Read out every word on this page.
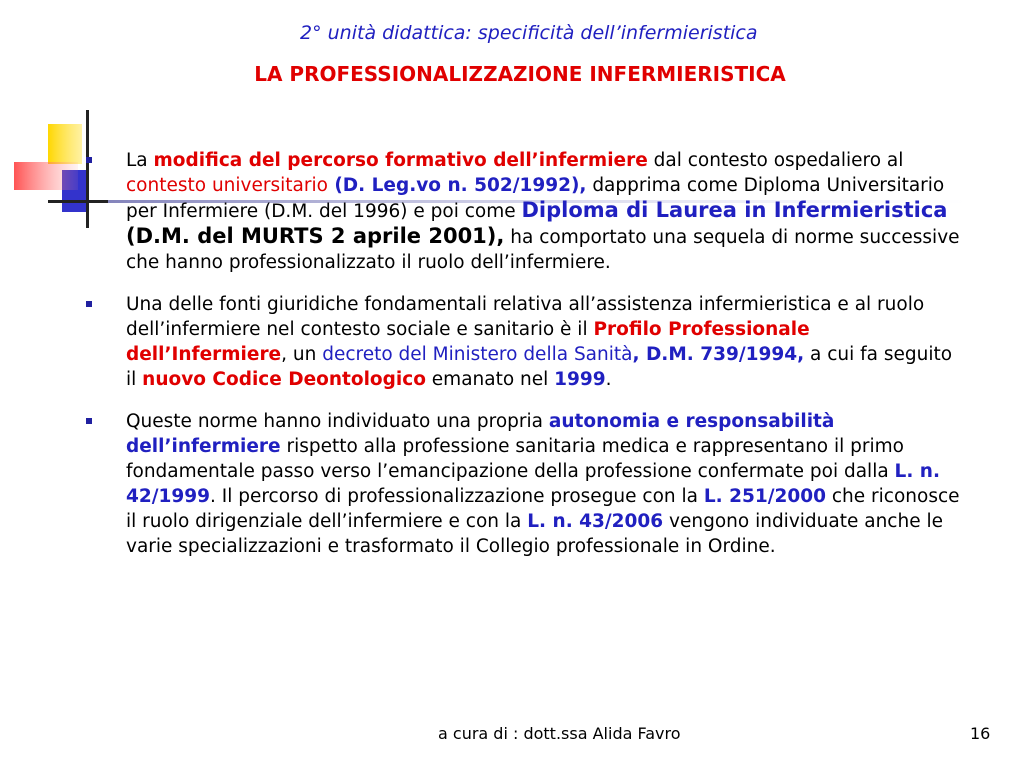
2° unità didattica: specificità dell’infermieristica
LA PROFESSIONALIZZAZIONE INFERMIERISTICA
La modifica del percorso formativo dell’infermiere dal contesto ospedaliero al contesto universitario (D. Leg.vo n. 502/1992), dapprima come Diploma Universitario per Infermiere (D.M. del 1996) e poi come Diploma di Laurea in Infermieristica (D.M. del MURTS 2 aprile 2001), ha comportato una sequela di norme successive che hanno professionalizzato il ruolo dell’infermiere.
Una delle fonti giuridiche fondamentali relativa all’assistenza infermieristica e al ruolo dell’infermiere nel contesto sociale e sanitario è il Profilo Professionale dell’Infermiere, un decreto del Ministero della Sanità, D.M. 739/1994, a cui fa seguito il nuovo Codice Deontologico emanato nel 1999.
Queste norme hanno individuato una propria autonomia e responsabilità dell’infermiere rispetto alla professione sanitaria medica e rappresentano il primo fondamentale passo verso l’emancipazione della professione confermate poi dalla L. n. 42/1999. Il percorso di professionalizzazione prosegue con la L. 251/2000 che riconosce il ruolo dirigenziale dell’infermiere e con la L. n. 43/2006 vengono individuate anche le varie specializzazioni e trasformato il Collegio professionale in Ordine.
a cura di : dott.ssa Alida Favro	16
